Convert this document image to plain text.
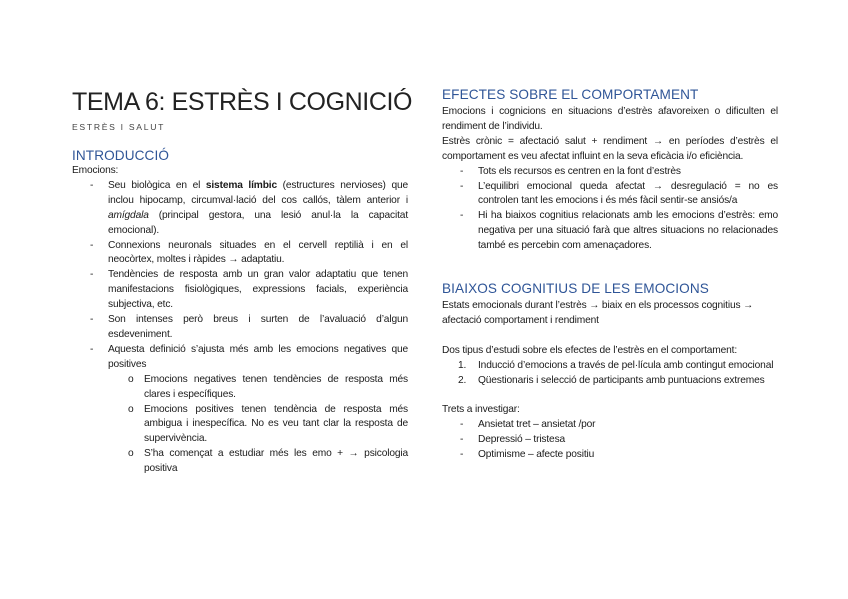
TEMA 6: ESTRÈS I COGNICIÓ
ESTRÈS I SALUT
INTRODUCCIÓ

Emocions:

- Seu biològica en el sistema límbic (estructures nervioses) que inclou hipocamp, circumval·lació del cos callós, tàlem anterior i amígdala (principal gestora, una lesió anul·la la capacitat emocional).
- Connexions neuronals situades en el cervell reptilià i en el neocòrtex, moltes i ràpides → adaptatiu.
- Tendències de resposta amb un gran valor adaptatiu que tenen manifestacions fisiològiques, expressions facials, experiència subjectiva, etc.
- Son intenses però breus i surten de l’avaluació d’algun esdeveniment.
- Aquesta definició s’ajusta més amb les emocions negatives que positives
o Emocions negatives tenen tendències de resposta més clares i específiques.
o Emocions positives tenen tendència de resposta més ambigua i inespecífica. No es veu tant clar la resposta de supervivència.
o S’ha començat a estudiar més les emo + → psicologia positiva
EFECTES SOBRE EL COMPORTAMENT

Emocions i cognicions en situacions d’estrès afavoreixen o dificulten el rendiment de l’individu.

Estrès crònic = afectació salut + rendiment → en períodes d’estrès el comportament es veu afectat influint en la seva eficàcia i/o eficiència.

- Tots els recursos es centren en la font d’estrès
- L’equilibri emocional queda afectat → desregulació = no es controlen tant les emocions i és més fàcil sentir-se ansiós/a
- Hi ha biaixos cognitius relacionats amb les emocions d’estrès: emo negativa per una situació farà que altres situacions no relacionades també es percebin com amenaçadores.
BIAIXOS COGNITIUS DE LES EMOCIONS

Estats emocionals durant l’estrès → biaix en els processos cognitius → afectació comportament i rendiment

Dos tipus d’estudi sobre els efectes de l’estrès en el comportament:

1. Inducció d’emocions a través de pel·lícula amb contingut emocional
2. Qüestionaris i selecció de participants amb puntuacions extremes

Trets a investigar:

- Ansietat tret – ansietat /por
- Depressió – tristesa
- Optimisme – afecte positiu
